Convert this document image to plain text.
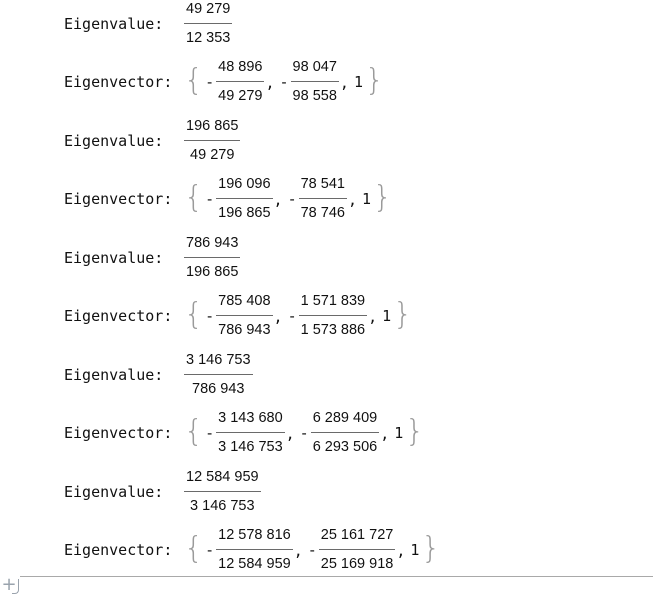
Eigenvalue:	$\frac{49 279}{12 353}$
Eigenvector: { - $\frac{48 896}{49 279}$ , - $\frac{98 047}{98 558}$ , 1 }
Eigenvalue:	$\frac{196 865}{49 279}$
Eigenvector: { - $\frac{196 096}{196 865}$ , - $\frac{78 541}{78 746}$ , 1 }
Eigenvalue:	$\frac{786 943}{196 865}$
Eigenvector: { - $\frac{785 408}{786 943}$ , - $\frac{1 571 839}{1 573 886}$ , 1 }
Eigenvalue:	$\frac{3 146 753}{786 943}$
Eigenvector: { - $\frac{3 143 680}{3 146 753}$ , - $\frac{6 289 409}{6 293 506}$ , 1 }
Eigenvalue:	$\frac{12 584 959}{3 146 753}$
Eigenvector: { - $\frac{12 578 816}{12 584 959}$ , - $\frac{25 161 727}{25 169 918}$ , 1 }
+
